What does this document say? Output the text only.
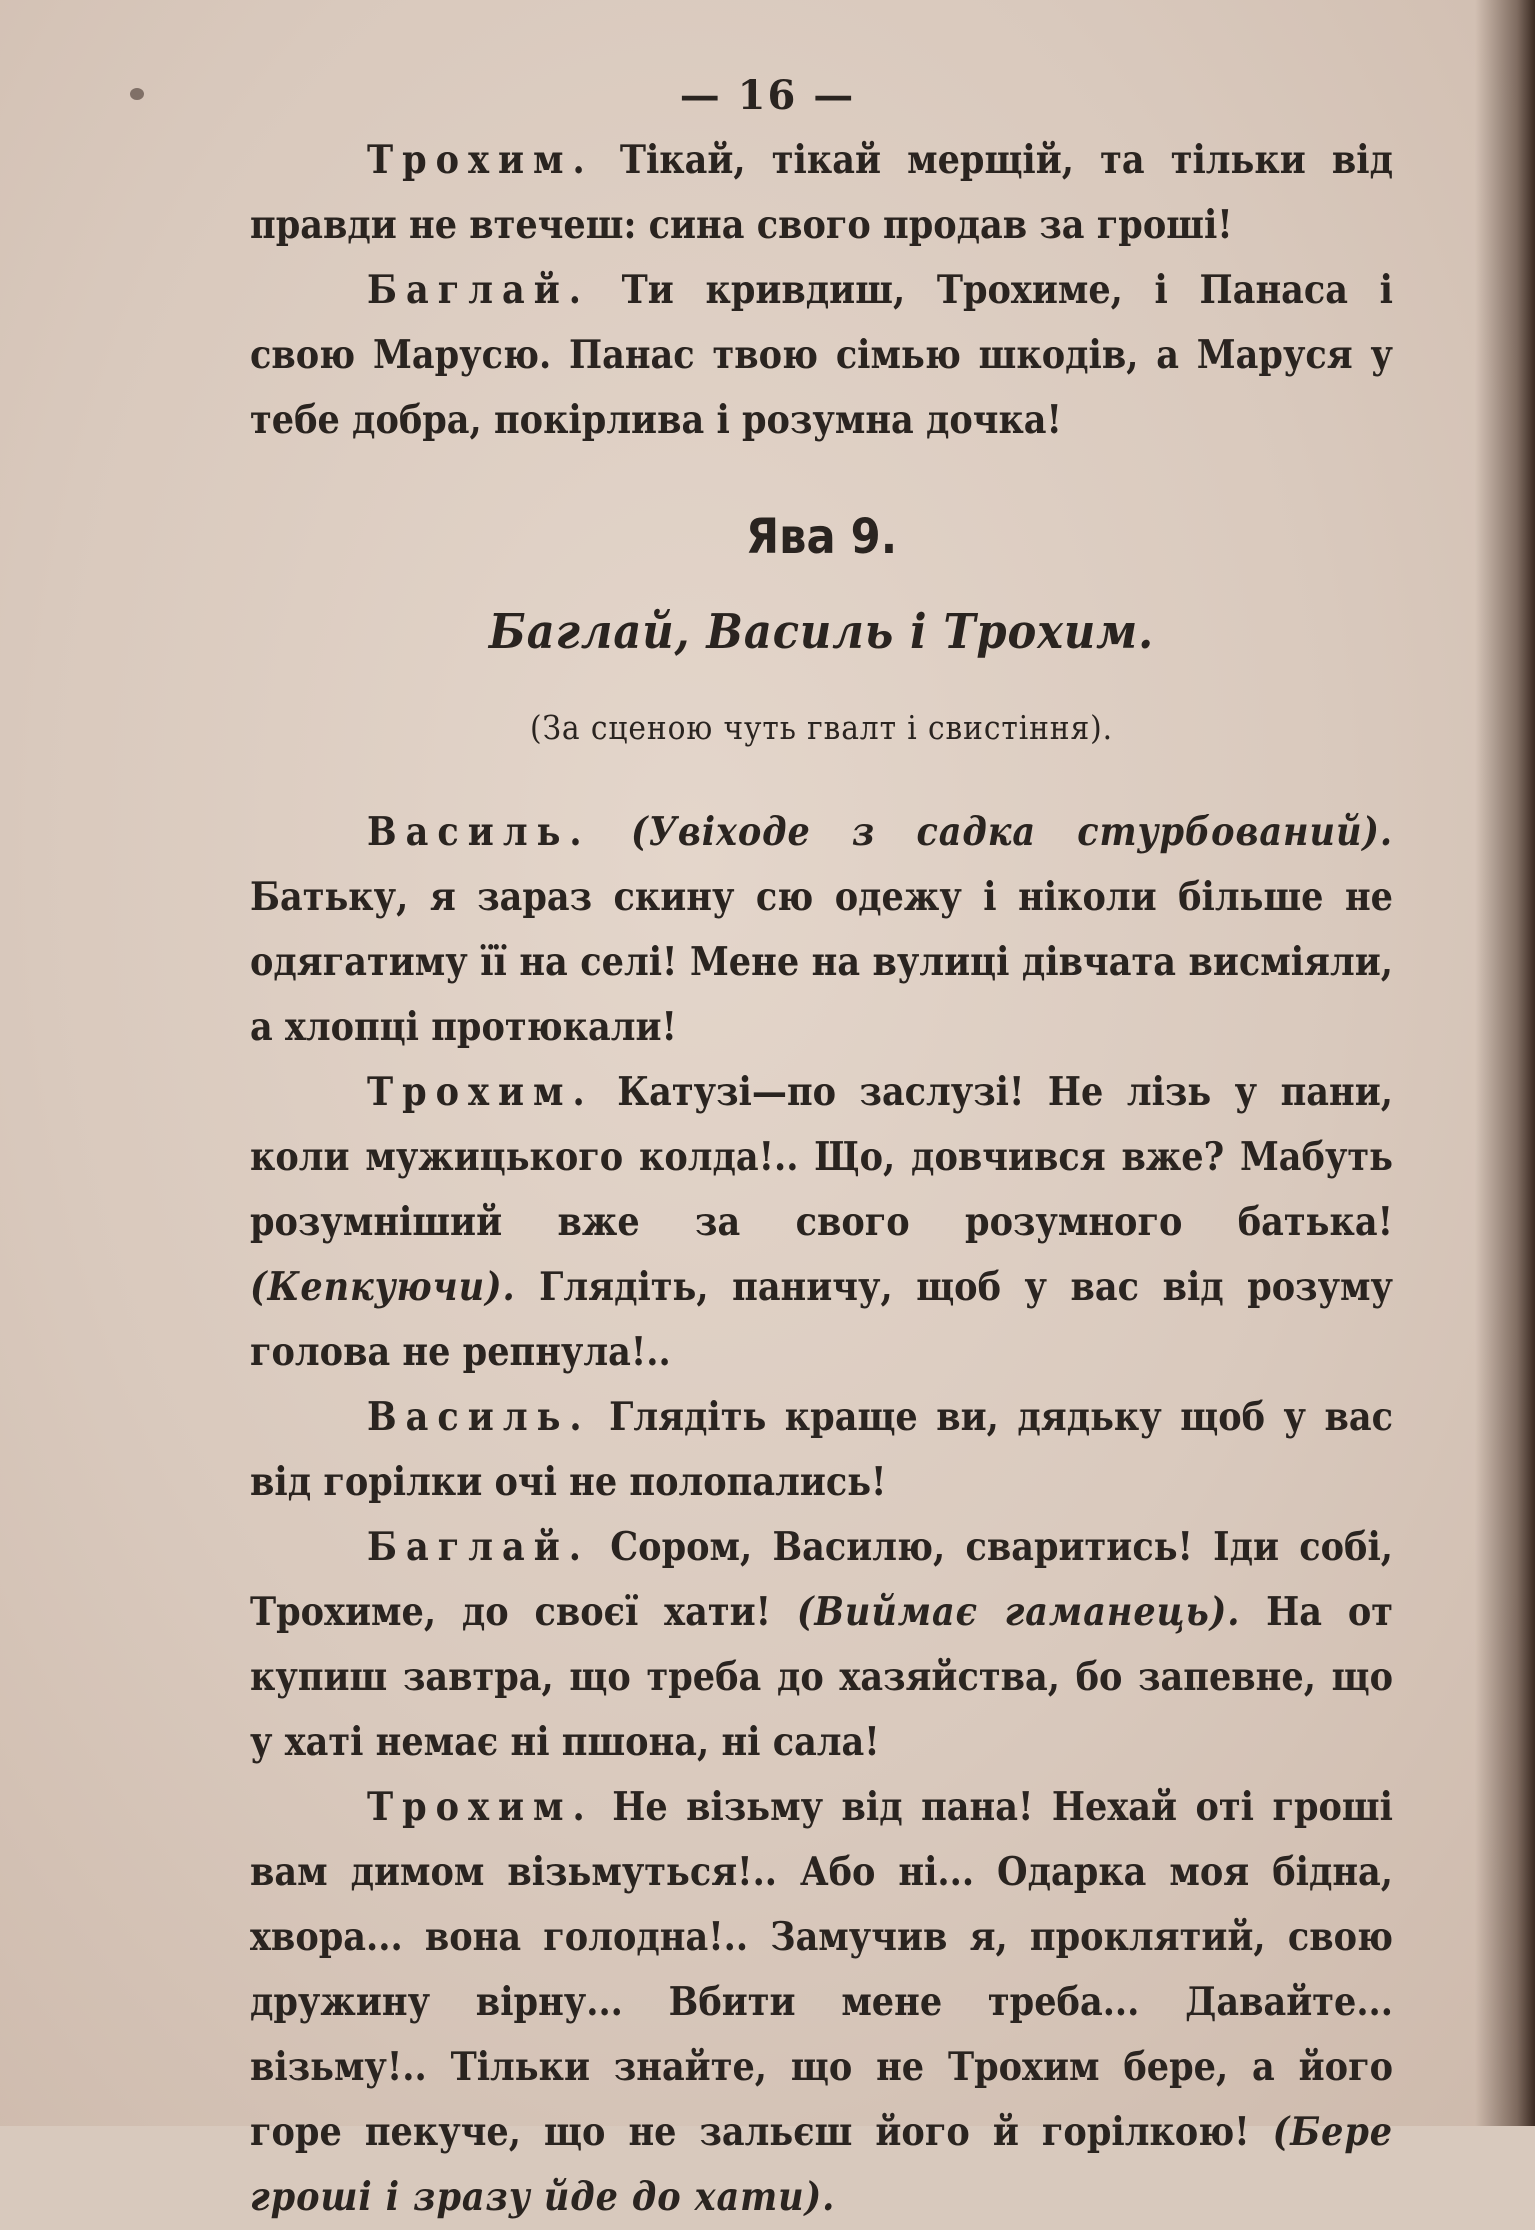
— 16 —

Трохим. Тікай, тікай мерщій, та тільки від правди не втечеш: сина свого продав за гроші!

Баглай. Ти кривдиш, Трохиме, і Панаса і свою Марусю. Панас твою сімью шкодів, а Маруся у тебе добра, покірлива і розумна дочка!

Ява 9.
Баглай, Василь і Трохим.
(За сценою чуть гвалт і свистіння).

Василь. (Увіходе з садка стурбований). Батьку, я зараз скину сю одежу і ніколи більше не одягатиму її на селі! Мене на вулиці дівчата висміяли, а хлопці протюкали!

Трохим. Катузі—по заслузі! Не лізь у пани, коли мужицького колда!.. Що, довчився вже? Мабуть розумніший вже за свого розумного батька! (Кепкуючи). Глядіть, паничу, щоб у вас від розуму голова не репнула!..

Василь. Глядіть краще ви, дядьку щоб у вас від горілки очі не полопались!

Баглай. Сором, Василю, сваритись! Іди собі, Трохиме, до своєї хати! (Виймає гаманець). На от купиш завтра, що треба до хазяйства, бо запевне, що у хаті немає ні пшона, ні сала!

Трохим. Не візьму від пана! Нехай оті гроші вам димом візьмуться!.. Або ні... Одарка моя бідна, хвора... вона голодна!.. Замучив я, проклятий, свою дружину вірну... Вбити мене треба... Давайте... візьму!.. Тільки знайте, що не Трохим бере, а його горе пекуче, що не зальєш його й горілкою! (Бере гроші і зразу йде до хати).
